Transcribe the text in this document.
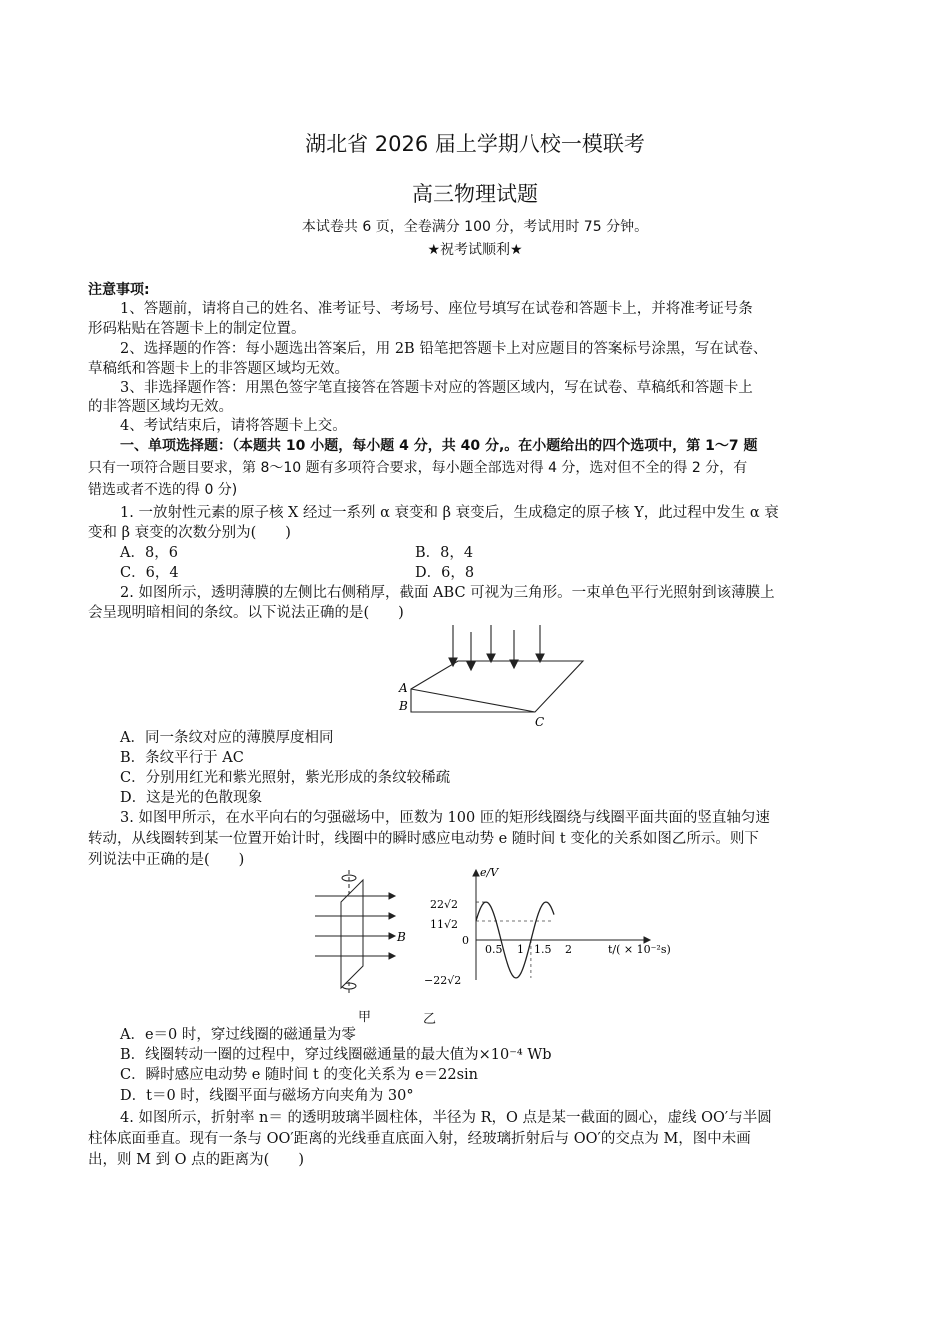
湖北省 2026 届上学期八校一模联考
高三物理试题
本试卷共 6 页，全卷满分 100 分，考试用时 75 分钟。
★祝考试顺利★
注意事项:
1、答题前，请将自己的姓名、准考证号、考场号、座位号填写在试卷和答题卡上，并将准考证号条
形码粘贴在答题卡上的制定位置。
2、选择题的作答：每小题选出答案后，用 2B 铅笔把答题卡上对应题目的答案标号涂黑，写在试卷、
草稿纸和答题卡上的非答题区域均无效。
3、非选择题作答：用黑色签字笔直接答在答题卡对应的答题区域内，写在试卷、草稿纸和答题卡上
的非答题区域均无效。
4、考试结束后，请将答题卡上交。
一、单项选择题：（本题共 10 小题，每小题 4 分，共 40 分,。在小题给出的四个选项中，第 1～7 题
只有一项符合题目要求，第 8～10 题有多项符合要求，每小题全部选对得 4 分，选对但不全的得 2 分，有
错选或者不选的得 0 分)
1. 一放射性元素的原子核 X 经过一系列 α 衰变和 β 衰变后，生成稳定的原子核 Y，此过程中发生 α 衰
变和 β 衰变的次数分别为(　　)
A．8，6	B．8，4
C．6，4	D．6，8
2. 如图所示，透明薄膜的左侧比右侧稍厚，截面 ABC 可视为三角形。一束单色平行光照射到该薄膜上
会呈现明暗相间的条纹。以下说法正确的是(　　)
A
B
C
A．同一条纹对应的薄膜厚度相同
B．条纹平行于 AC
C．分别用红光和紫光照射，紫光形成的条纹较稀疏
D．这是光的色散现象
3. 如图甲所示，在水平向右的匀强磁场中，匝数为 100 匝的矩形线圈绕与线圈平面共面的竖直轴匀速
转动，从线圈转到某一位置开始计时，线圈中的瞬时感应电动势 e 随时间 t 变化的关系如图乙所示。则下
列说法中正确的是(　　)
B
甲
e/V
22√2
11√2
0
−22√2
0.5 1 1.5 2	t/( × 10⁻²s)
乙
A．e＝0 时，穿过线圈的磁通量为零
B．线圈转动一圈的过程中，穿过线圈磁通量的最大值为×10⁻⁴ Wb
C．瞬时感应电动势 e 随时间 t 的变化关系为 e＝22sin
D．t＝0 时，线圈平面与磁场方向夹角为 30°
4. 如图所示，折射率 n＝ 的透明玻璃半圆柱体，半径为 R，O 点是某一截面的圆心，虚线 OO′与半圆
柱体底面垂直。现有一条与 OO′距离的光线垂直底面入射，经玻璃折射后与 OO′的交点为 M，图中未画
出，则 M 到 O 点的距离为(　　)
